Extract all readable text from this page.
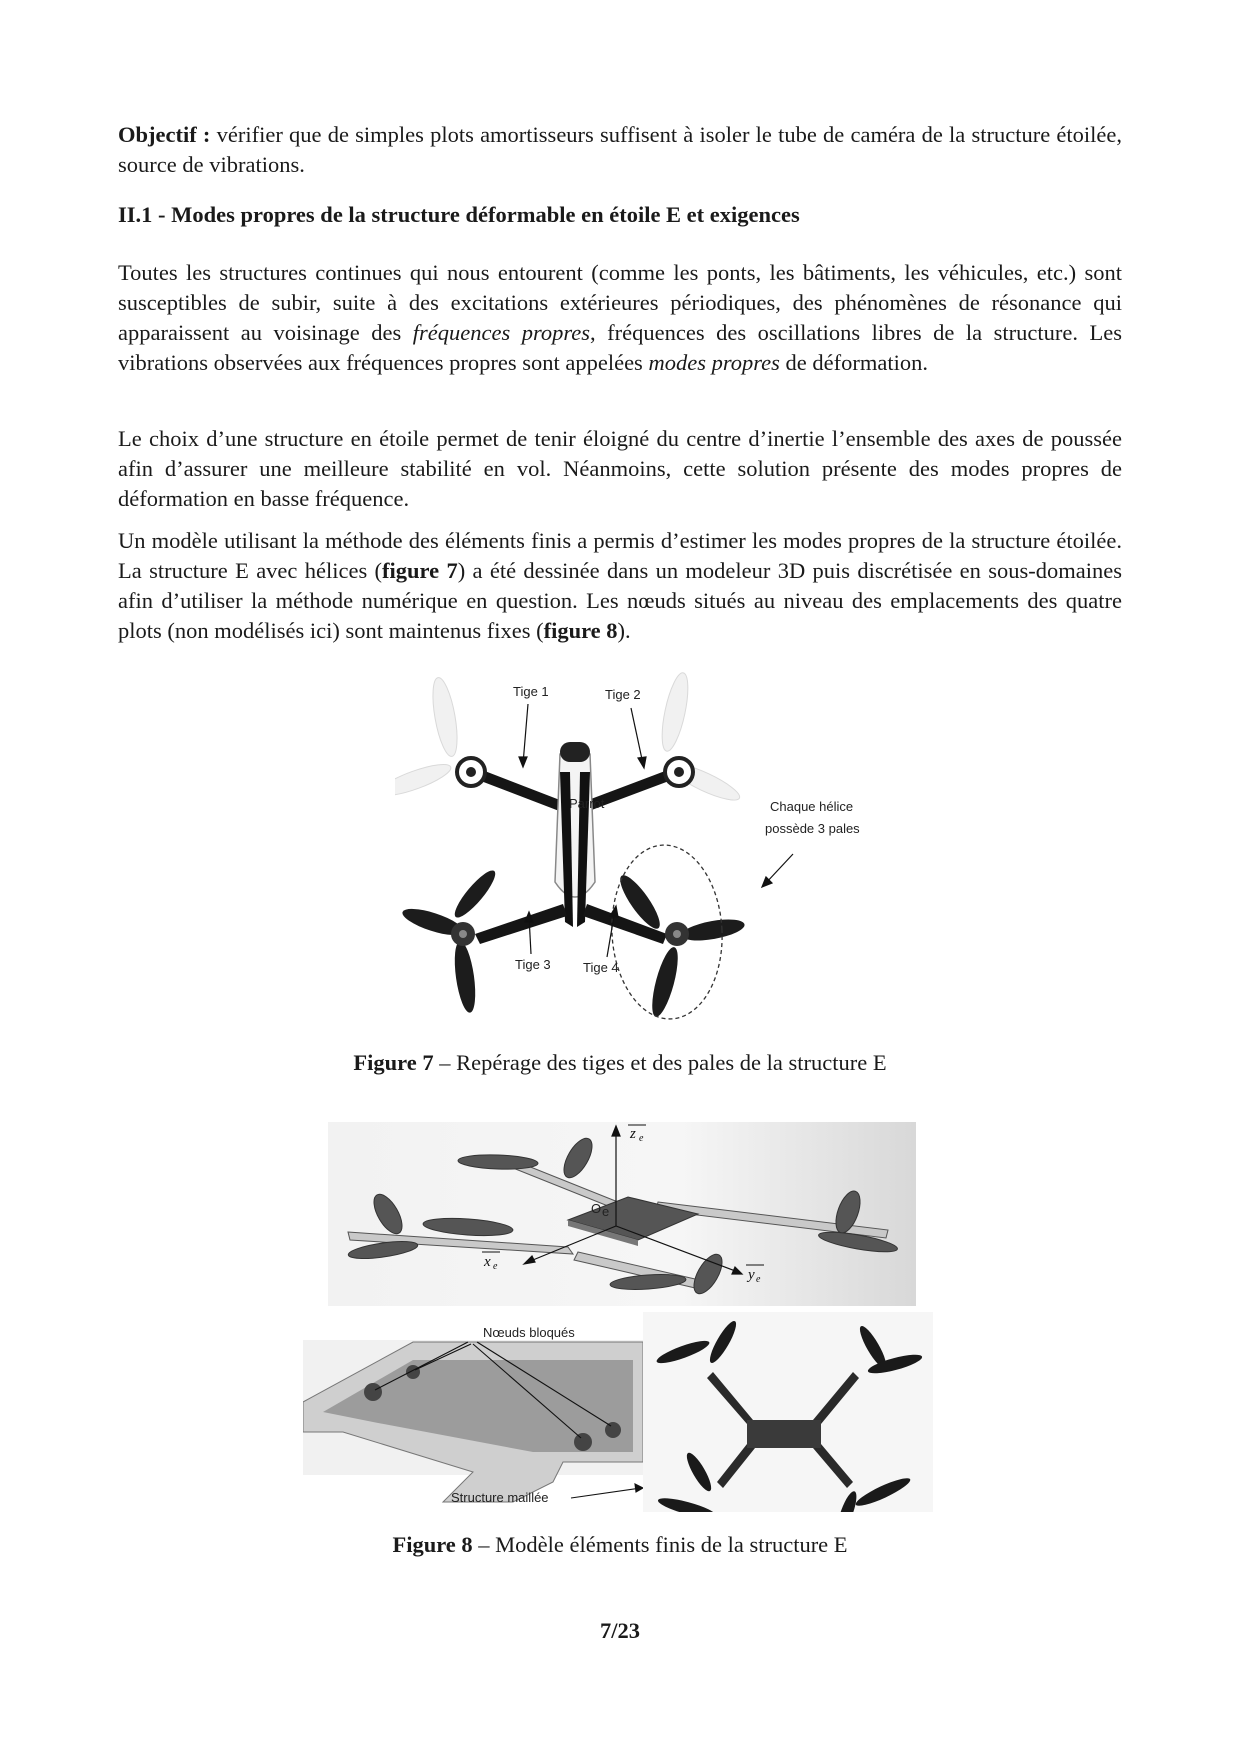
Objectif : vérifier que de simples plots amortisseurs suffisent à isoler le tube de caméra de la structure étoilée, source de vibrations.

II.1 - Modes propres de la structure déformable en étoile E et exigences

Toutes les structures continues qui nous entourent (comme les ponts, les bâtiments, les véhicules, etc.) sont susceptibles de subir, suite à des excitations extérieures périodiques, des phénomènes de résonance qui apparaissent au voisinage des fréquences propres, fréquences des oscillations libres de la structure. Les vibrations observées aux fréquences propres sont appelées modes propres de déformation.

Le choix d’une structure en étoile permet de tenir éloigné du centre d’inertie l’ensemble des axes de poussée afin d’assurer une meilleure stabilité en vol. Néanmoins, cette solution présente des modes propres de déformation en basse fréquence.

Un modèle utilisant la méthode des éléments finis a permis d’estimer les modes propres de la structure étoilée. La structure E avec hélices (figure 7) a été dessinée dans un modeleur 3D puis discrétisée en sous-domaines afin d’utiliser la méthode numérique en question. Les nœuds situés au niveau des emplacements des quatre plots (non modélisés ici) sont maintenus fixes (figure 8).

Parrot
Tige 1	Tige 2
Tige 3 Tige 4
Chaque hélice
possède 3 pales
Figure 7 – Repérage des tiges et des pales de la structure E
z e
x e
y e
O e
Nœuds bloqués
Structure maillée
Figure 8 – Modèle éléments finis de la structure E
7/23
